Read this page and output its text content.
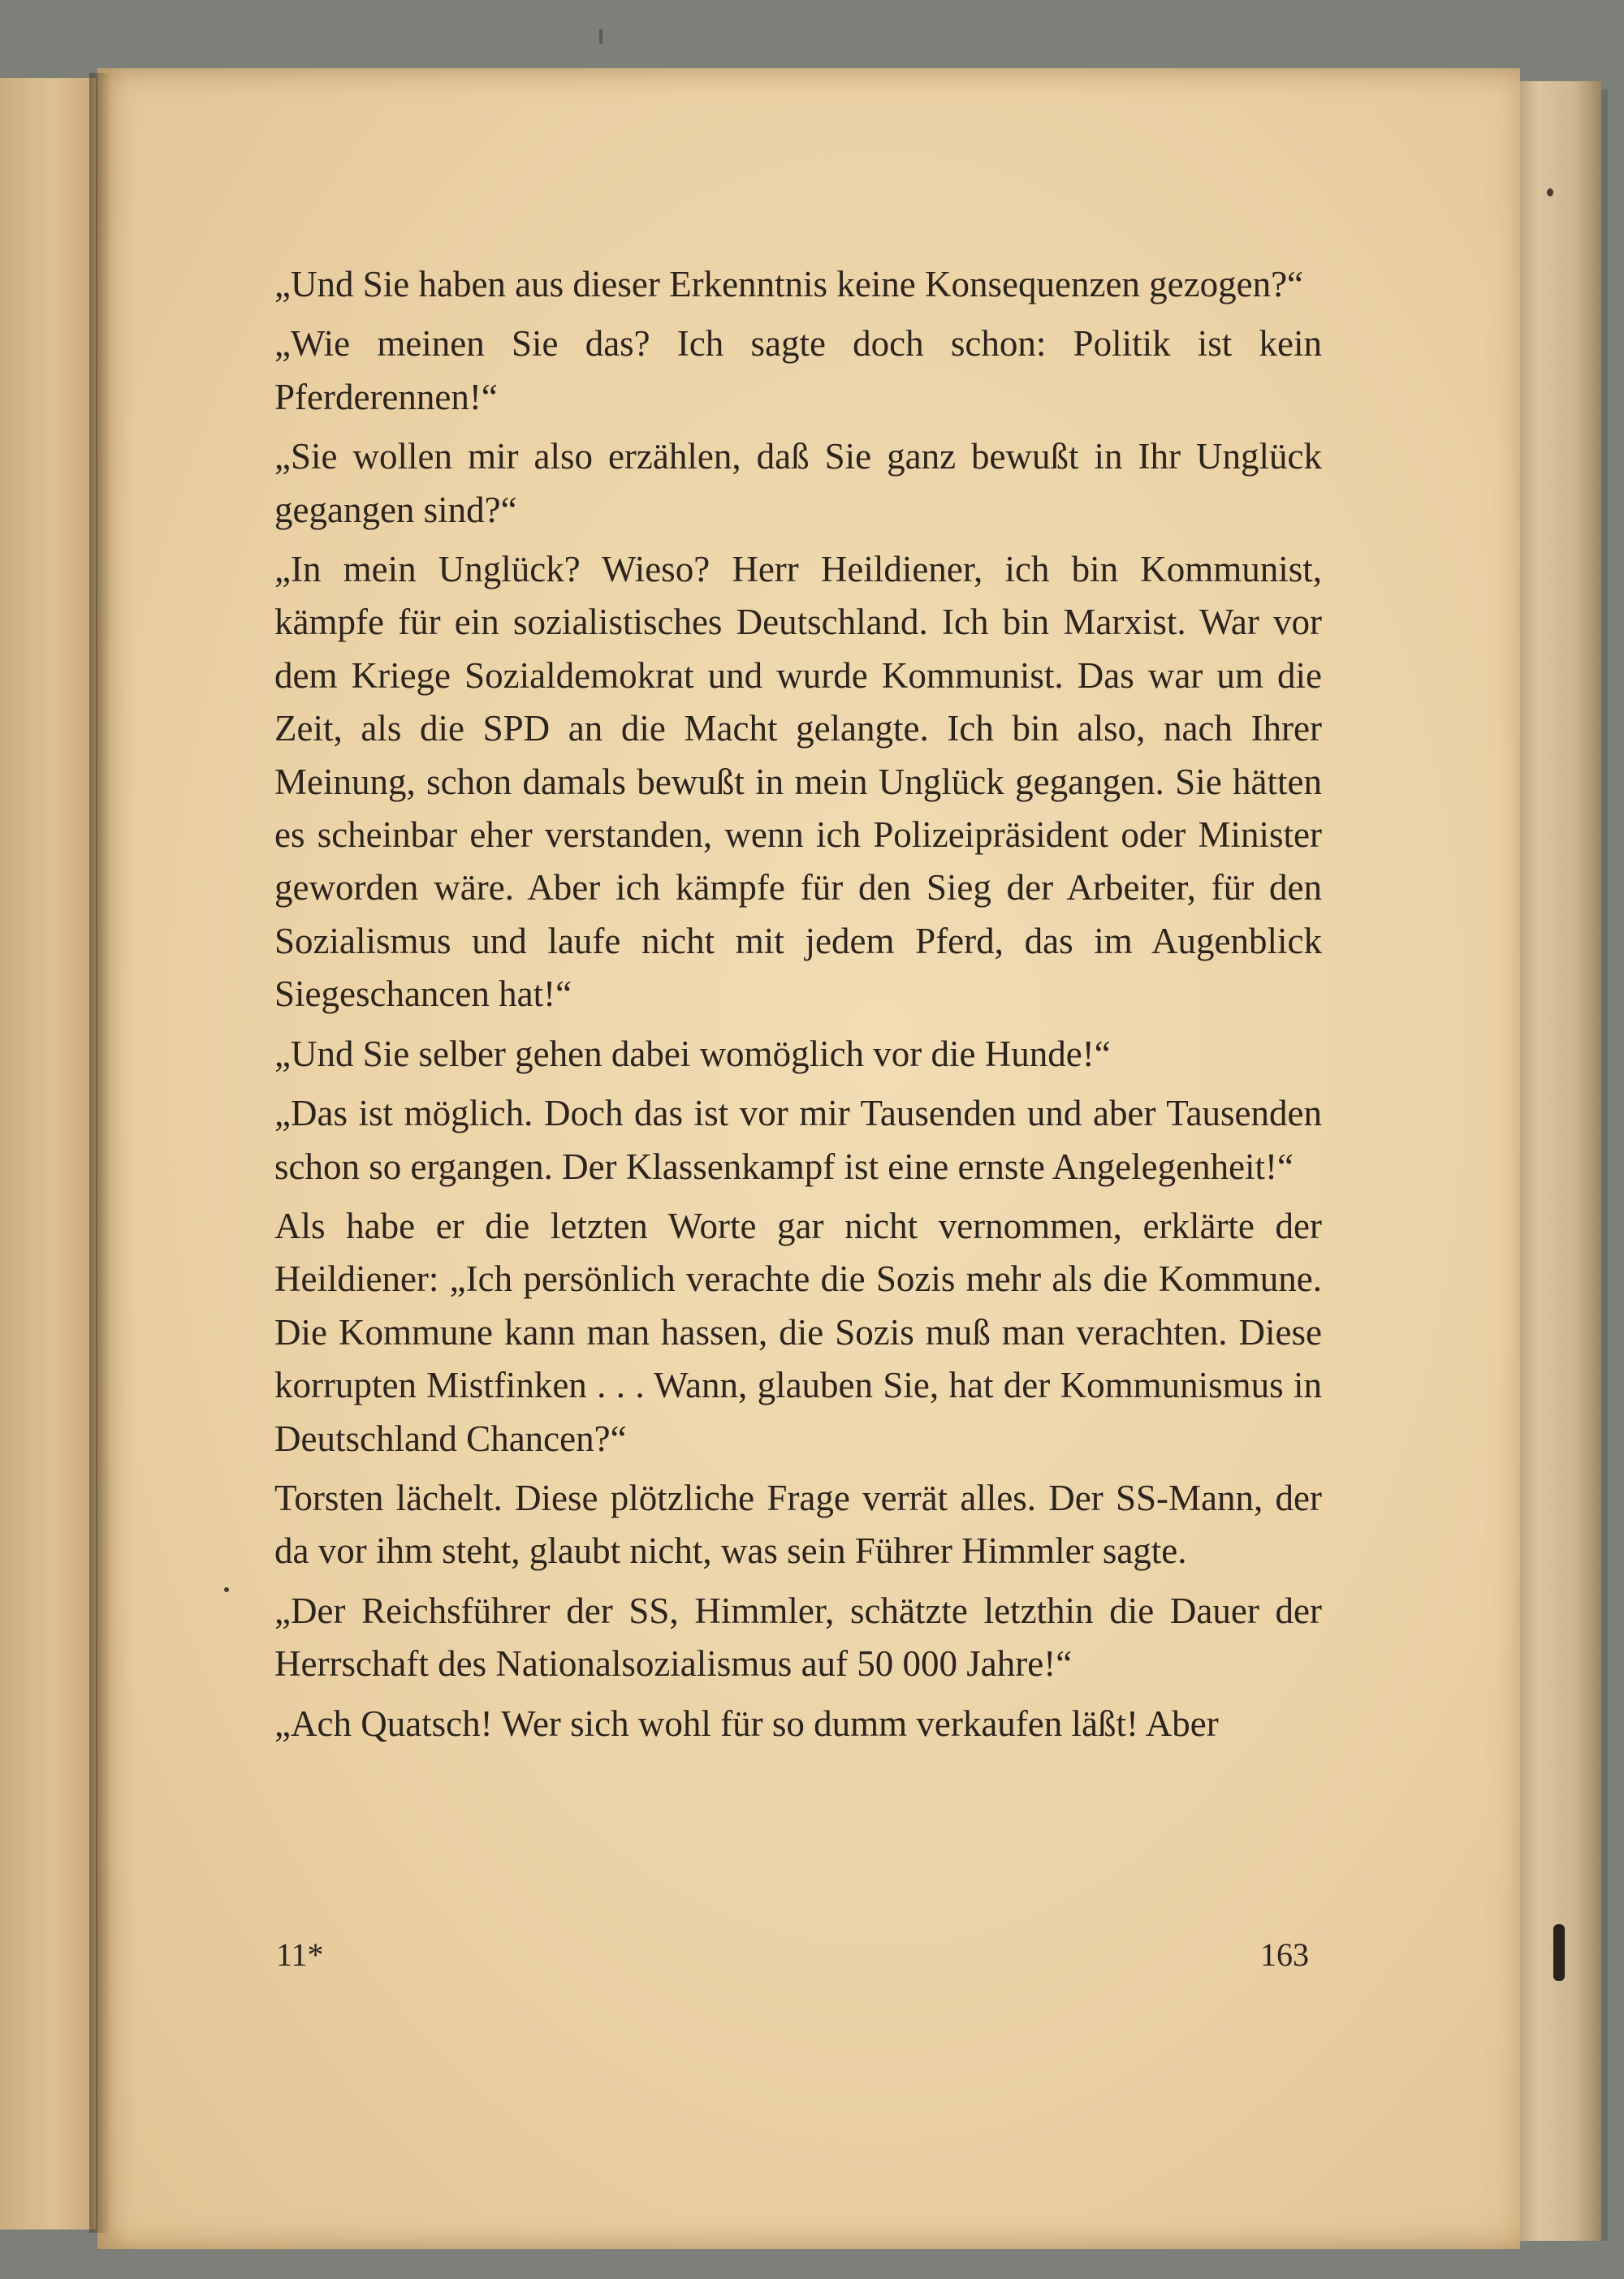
„Und Sie haben aus dieser Erkenntnis keine Konsequenzen gezogen?“

„Wie meinen Sie das? Ich sagte doch schon: Politik ist kein Pferderennen!“

„Sie wollen mir also erzählen, daß Sie ganz bewußt in Ihr Unglück gegangen sind?“

„In mein Unglück? Wieso? Herr Heildiener, ich bin Kommunist, kämpfe für ein sozialistisches Deutschland. Ich bin Marxist. War vor dem Kriege Sozialdemokrat und wurde Kommunist. Das war um die Zeit, als die SPD an die Macht gelangte. Ich bin also, nach Ihrer Meinung, schon damals bewußt in mein Unglück gegangen. Sie hätten es scheinbar eher verstanden, wenn ich Polizeipräsident oder Minister geworden wäre. Aber ich kämpfe für den Sieg der Arbeiter, für den Sozialismus und laufe nicht mit jedem Pferd, das im Augenblick Siegeschancen hat!“

„Und Sie selber gehen dabei womöglich vor die Hunde!“

„Das ist möglich. Doch das ist vor mir Tausenden und aber Tausenden schon so ergangen. Der Klassenkampf ist eine ernste Angelegenheit!“

Als habe er die letzten Worte gar nicht vernommen, erklärte der Heildiener: „Ich persönlich verachte die Sozis mehr als die Kommune. Die Kommune kann man hassen, die Sozis muß man verachten. Diese korrupten Mistfinken . . . Wann, glauben Sie, hat der Kommunismus in Deutschland Chancen?“

Torsten lächelt. Diese plötzliche Frage verrät alles. Der SS-Mann, der da vor ihm steht, glaubt nicht, was sein Führer Himmler sagte.

„Der Reichsführer der SS, Himmler, schätzte letzthin die Dauer der Herrschaft des Nationalsozialismus auf 50 000 Jahre!“

„Ach Quatsch! Wer sich wohl für so dumm verkaufen läßt! Aber

11*	163
